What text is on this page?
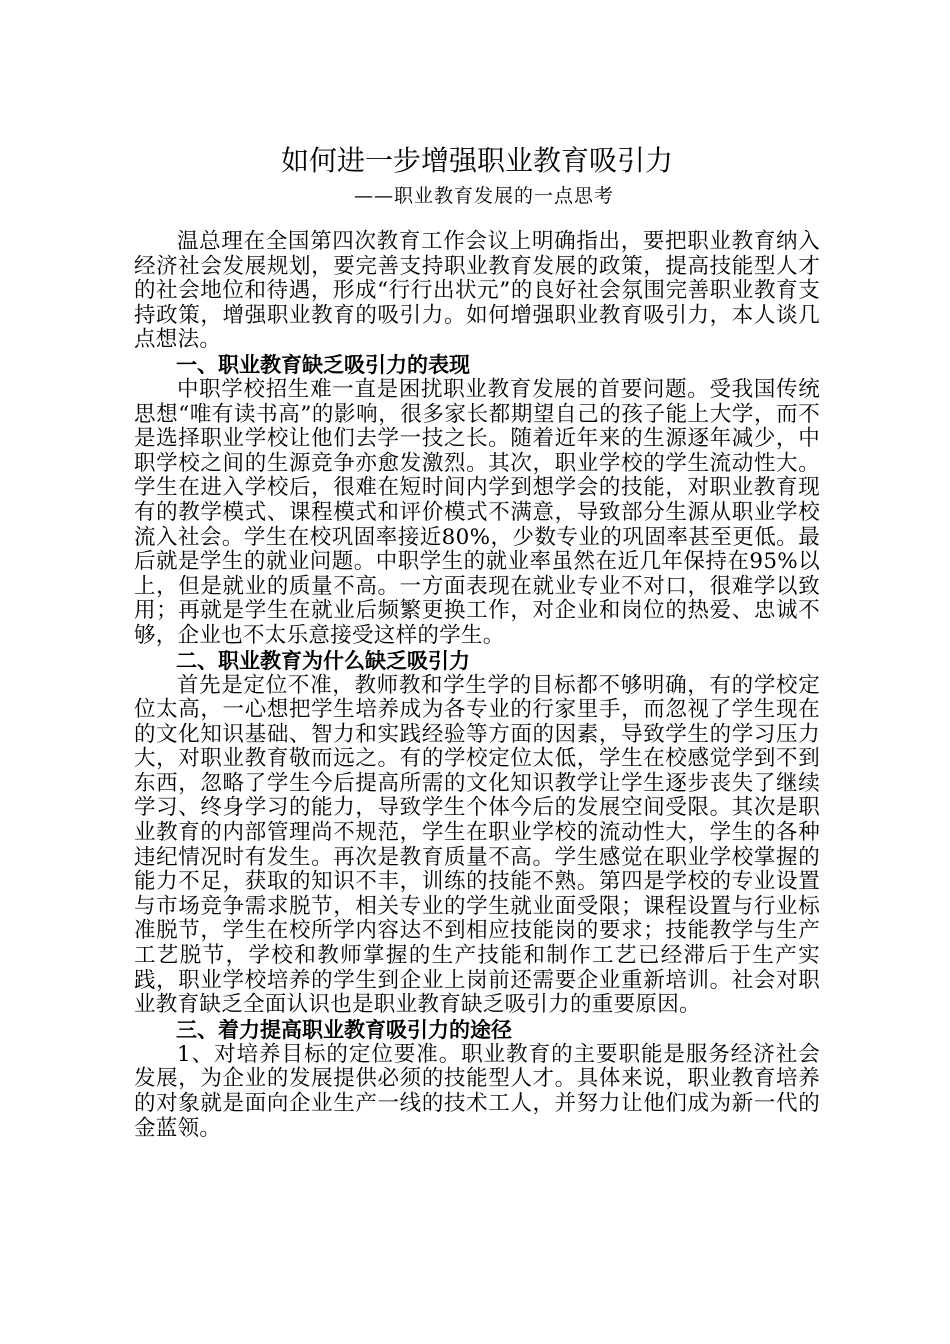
如何进一步增强职业教育吸引力

——职业教育发展的一点思考

温总理在全国第四次教育工作会议上明确指出，要把职业教育纳入经济社会发展规划，要完善支持职业教育发展的政策，提高技能型人才的社会地位和待遇，形成“行行出状元”的良好社会氛围完善职业教育支持政策，增强职业教育的吸引力。如何增强职业教育吸引力，本人谈几点想法。

一、职业教育缺乏吸引力的表现

中职学校招生难一直是困扰职业教育发展的首要问题。受我国传统思想“唯有读书高”的影响，很多家长都期望自己的孩子能上大学，而不是选择职业学校让他们去学一技之长。随着近年来的生源逐年减少，中职学校之间的生源竞争亦愈发激烈。其次，职业学校的学生流动性大。学生在进入学校后，很难在短时间内学到想学会的技能，对职业教育现有的教学模式、课程模式和评价模式不满意，导致部分生源从职业学校流入社会。学生在校巩固率接近80%，少数专业的巩固率甚至更低。最后就是学生的就业问题。中职学生的就业率虽然在近几年保持在95%以上，但是就业的质量不高。一方面表现在就业专业不对口，很难学以致用；再就是学生在就业后频繁更换工作，对企业和岗位的热爱、忠诚不够，企业也不太乐意接受这样的学生。

二、职业教育为什么缺乏吸引力

首先是定位不准，教师教和学生学的目标都不够明确，有的学校定位太高，一心想把学生培养成为各专业的行家里手，而忽视了学生现在的文化知识基础、智力和实践经验等方面的因素，导致学生的学习压力大，对职业教育敬而远之。有的学校定位太低，学生在校感觉学到不到东西，忽略了学生今后提高所需的文化知识教学让学生逐步丧失了继续学习、终身学习的能力，导致学生个体今后的发展空间受限。其次是职业教育的内部管理尚不规范，学生在职业学校的流动性大，学生的各种违纪情况时有发生。再次是教育质量不高。学生感觉在职业学校掌握的能力不足，获取的知识不丰，训练的技能不熟。第四是学校的专业设置与市场竞争需求脱节，相关专业的学生就业面受限；课程设置与行业标准脱节，学生在校所学内容达不到相应技能岗的要求；技能教学与生产工艺脱节，学校和教师掌握的生产技能和制作工艺已经滞后于生产实践，职业学校培养的学生到企业上岗前还需要企业重新培训。社会对职业教育缺乏全面认识也是职业教育缺乏吸引力的重要原因。

三、着力提高职业教育吸引力的途径

1、对培养目标的定位要准。职业教育的主要职能是服务经济社会发展，为企业的发展提供必须的技能型人才。具体来说，职业教育培养的对象就是面向企业生产一线的技术工人，并努力让他们成为新一代的金蓝领。
